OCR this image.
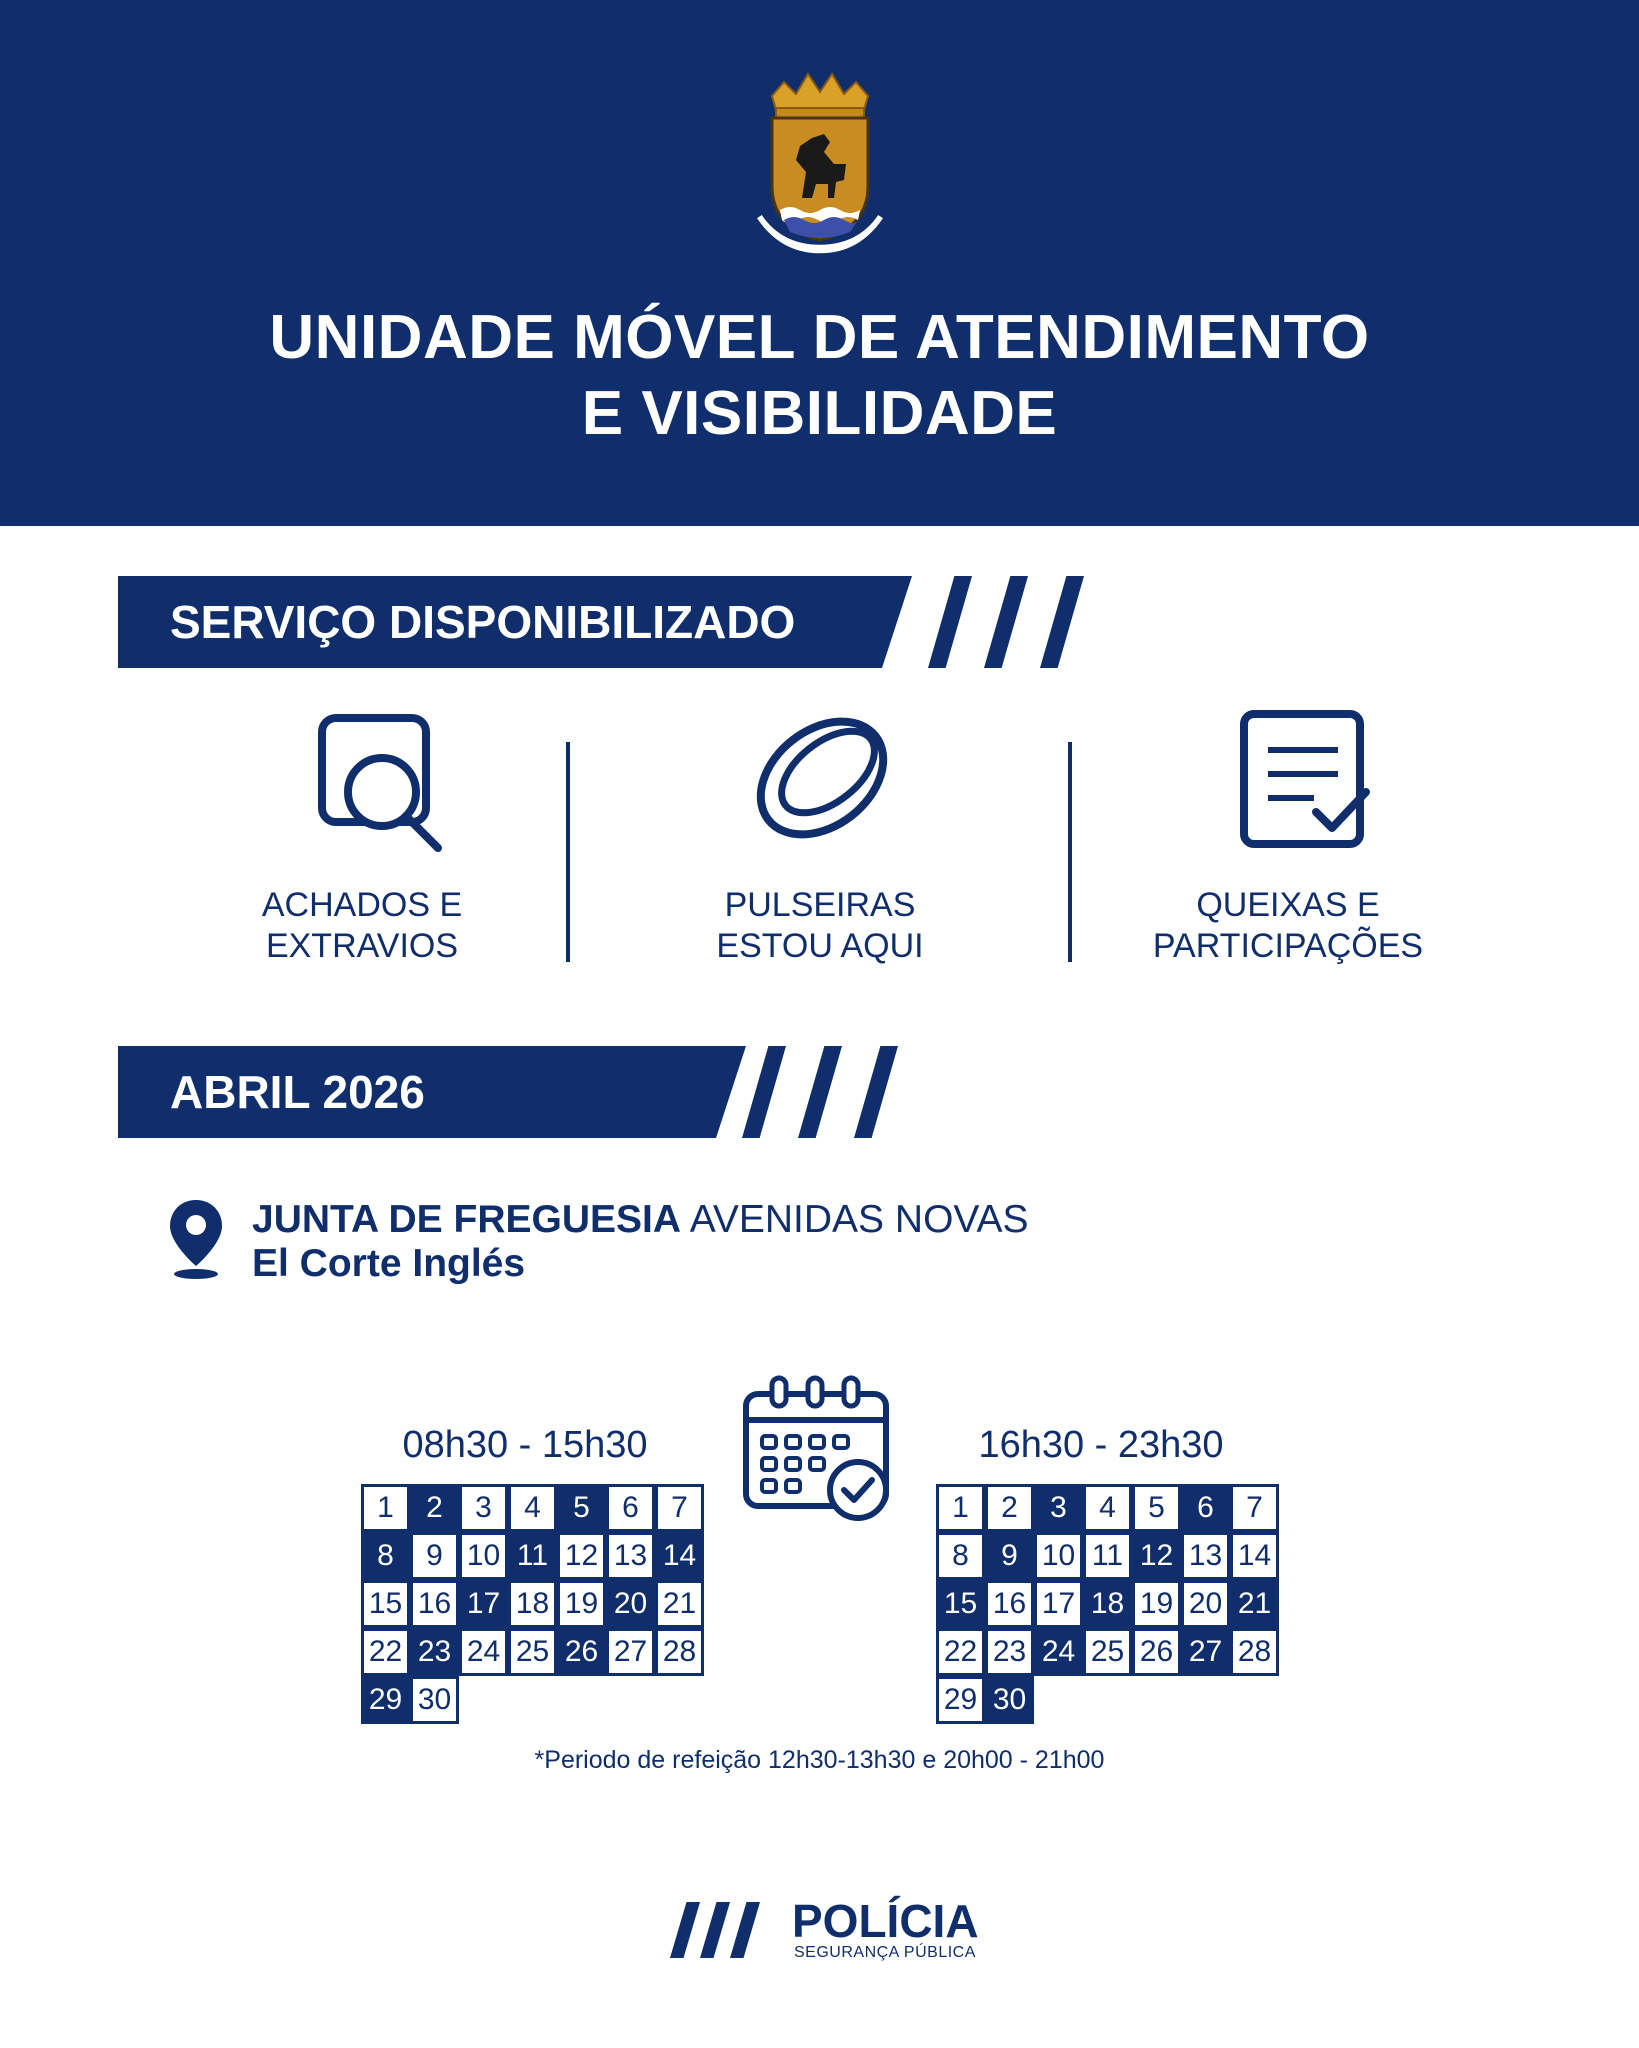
UNIDADE MÓVEL DE ATENDIMENTO
E VISIBILIDADE
SERVIÇO DISPONIBILIZADO
ACHADOS E
EXTRAVIOS
PULSEIRAS
ESTOU AQUI
QUEIXAS E
PARTICIPAÇÕES
ABRIL 2026
JUNTA DE FREGUESIA AVENIDAS NOVAS
El Corte Inglés
08h30 - 15h30	16h30 - 23h30
1	2	3	4	5	6	7
8	9 10 11 12 13 14
15 16 17 18 19 20 21
22 23 24 25 26 27 28
29 30
1	2	3	4	5	6	7
8	9 10 11 12 13 14
15 16 17 18 19 20 21
22 23 24 25 26 27 28
29 30
*Periodo de refeição 12h30-13h30 e 20h00 - 21h00
POLÍCIA
SEGURANÇA PÚBLICA
